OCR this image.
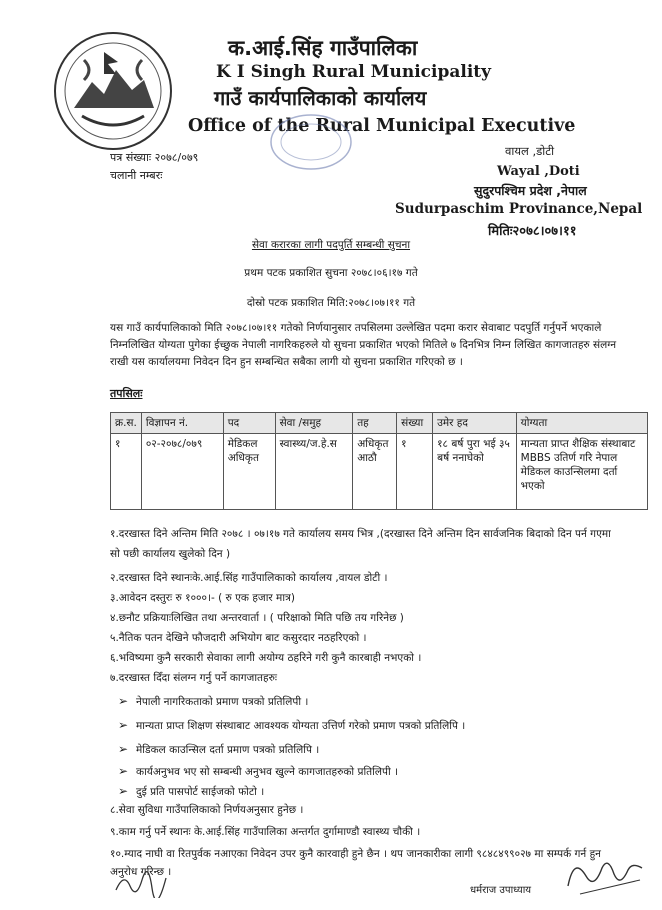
क.आई.सिंह गाउँपालिका
K I Singh Rural Municipality
गाउँ कार्यपालिकाको कार्यालय
Office of the Rural Municipal Executive
पत्र संख्याः २०७८/०७९
चलानी नम्बरः
वायल ,डोटी
Wayal ,Doti
सुदुरपश्चिम प्रदेश ,नेपाल
Sudurpaschim Provinance,Nepal
मितिः२०७८।०७।११
सेवा करारका लागी पदपुर्ति सम्बन्धी सुचना
प्रथम पटक प्रकाशित सुचना २०७८।०६।१७ गते
दोस्रो पटक प्रकाशित मिति:२०७८।०७।११ गते
यस गाउँ कार्यपालिकाको मिति २०७८।०७।११ गतेको निर्णयानुसार तपसिलमा उल्लेखित पदमा करार सेवाबाट पदपुर्ति गर्नुपर्ने भएकाले निम्नलिखित योग्यता पुगेका ईच्छुक नेपाली नागरिकहरुले यो सुचना प्रकाशित भएको मितिले ७ दिनभित्र निम्न लिखित कागजातहरु संलग्न राखी यस कार्यालयमा निवेदन दिन हुन सम्बन्धित सबैका लागी यो सुचना प्रकाशित गरिएको छ ।
तपसिलः
क्र.स.	विज्ञापन नं.	पद	सेवा /समुह	तह	संख्या	उमेर हद	योग्यता
१	०२-२०७८/०७९	मेडिकल अधिकृत	स्वास्थ्य/ज.हे.स	अधिकृत आठौ	१	१८ बर्ष पुरा भई ३५ बर्ष ननाघेको	मान्यता प्राप्त शैक्षिक संस्थाबाट MBBS उतिर्ण गरि नेपाल मेडिकल काउन्सिलमा दर्ता भएको
१.दरखास्त दिने अन्तिम मिति २०७८ । ०७।१७ गते कार्यालय समय भित्र ,(दरखास्त दिने अन्तिम दिन सार्वजनिक बिदाको दिन पर्न गएमा
सो पछी कार्यालय खुलेको दिन )
२.दरखास्त दिने स्थानःके.आई.सिंह गाउँपालिकाको कार्यालय ,वायल डोटी ।
३.आवेदन दस्तुरः रु १०००।- ( रु एक हजार मात्र)
४.छनौट प्रक्रियाःलिखित तथा अन्तरवार्ता । ( परिक्षाको मिति पछि तय गरिनेछ )
५.नैतिक पतन देखिने फौजदारी अभियोग बाट कसुरदार नठहरिएको ।
६.भविष्यमा कुनै सरकारी सेवाका लागी अयोग्य ठहरिने गरी कुनै कारबाही नभएको ।
७.दरखास्त दिँदा संलग्न गर्नु पर्ने कागजातहरुः
➢ नेपाली नागरिकताको प्रमाण पत्रको प्रतिलिपी ।
➢ मान्यता प्राप्त शिक्षण संस्थाबाट आवश्यक योग्यता उत्तिर्ण गरेको प्रमाण पत्रको प्रतिलिपि ।
➢ मेडिकल काउन्सिल दर्ता प्रमाण पत्रको प्रतिलिपि ।
➢ कार्यअनुभव भए सो सम्बन्धी अनुभव खुल्ने कागजातहरुको प्रतिलिपी ।
➢ दुई प्रति पासपोर्ट साईजको फोटो ।
८.सेवा सुविधा गाउँपालिकाको निर्णयअनुसार हुनेछ ।
९.काम गर्नु पर्ने स्थानः के.आई.सिंह गाउँपालिका अन्तर्गत दुर्गामाण्डौ स्वास्थ्य चौकी ।
१०.म्याद नाघी वा रितपुर्वक नआएका निवेदन उपर कुनै कारवाही हुने छैन । थप जानकारीका लागी ९८४८४९९०२७ मा सम्पर्क गर्न हुन
अनुरोध गरिन्छ ।
धर्मराज उपाध्याय
